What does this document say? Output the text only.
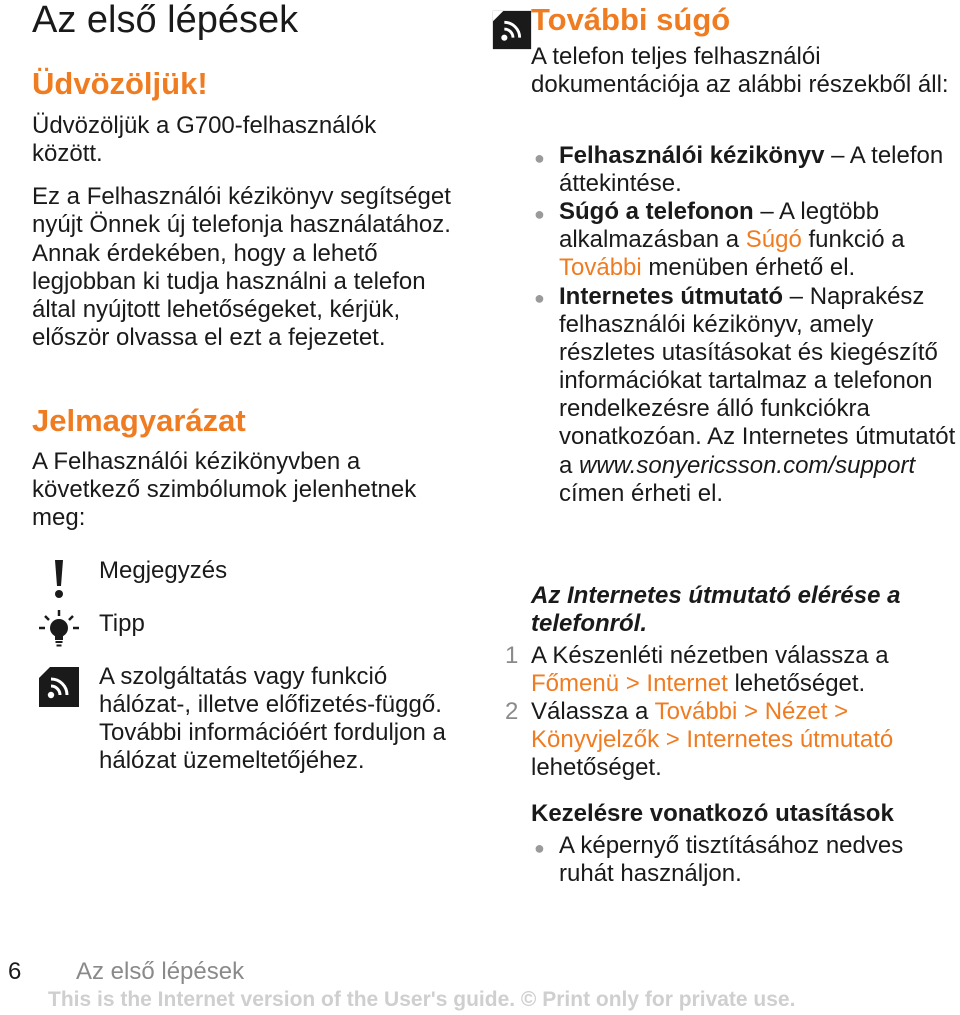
Az első lépések
Üdvözöljük!

Üdvözöljük a G700-felhasználók között.

Ez a Felhasználói kézikönyv segítséget nyújt Önnek új telefonja használatához. Annak érdekében, hogy a lehető legjobban ki tudja használni a telefon által nyújtott lehetőségeket, kérjük, először olvassa el ezt a fejezetet.

Jelmagyarázat

A Felhasználói kézikönyvben a következő szimbólumok jelenhetnek meg:

Megjegyzés
Tipp
A szolgáltatás vagy funkció hálózat-, illetve előfizetés-függő. További információért forduljon a hálózat üzemeltetőjéhez.
További súgó

A telefon teljes felhasználói dokumentációja az alábbi részekből áll:

● Felhasználói kézikönyv – A telefon áttekintése.

● Súgó a telefonon – A legtöbb alkalmazásban a Súgó funkció a További menüben érhető el.

● Internetes útmutató – Naprakész felhasználói kézikönyv, amely részletes utasításokat és kiegészítő információkat tartalmaz a telefonon rendelkezésre álló funkciókra vonatkozóan. Az Internetes útmutatót a www.sonyericsson.com/support címen érheti el.

Az Internetes útmutató elérése a telefonról.

1 A Készenléti nézetben válassza a Főmenü > Internet lehetőséget.

2 Válassza a További > Nézet > Könyvjelzők > Internetes útmutató lehetőséget.

Kezelésre vonatkozó utasítások
● A képernyő tisztításához nedves ruhát használjon.

6 Az első lépések
This is the Internet version of the User's guide. © Print only for private use.
